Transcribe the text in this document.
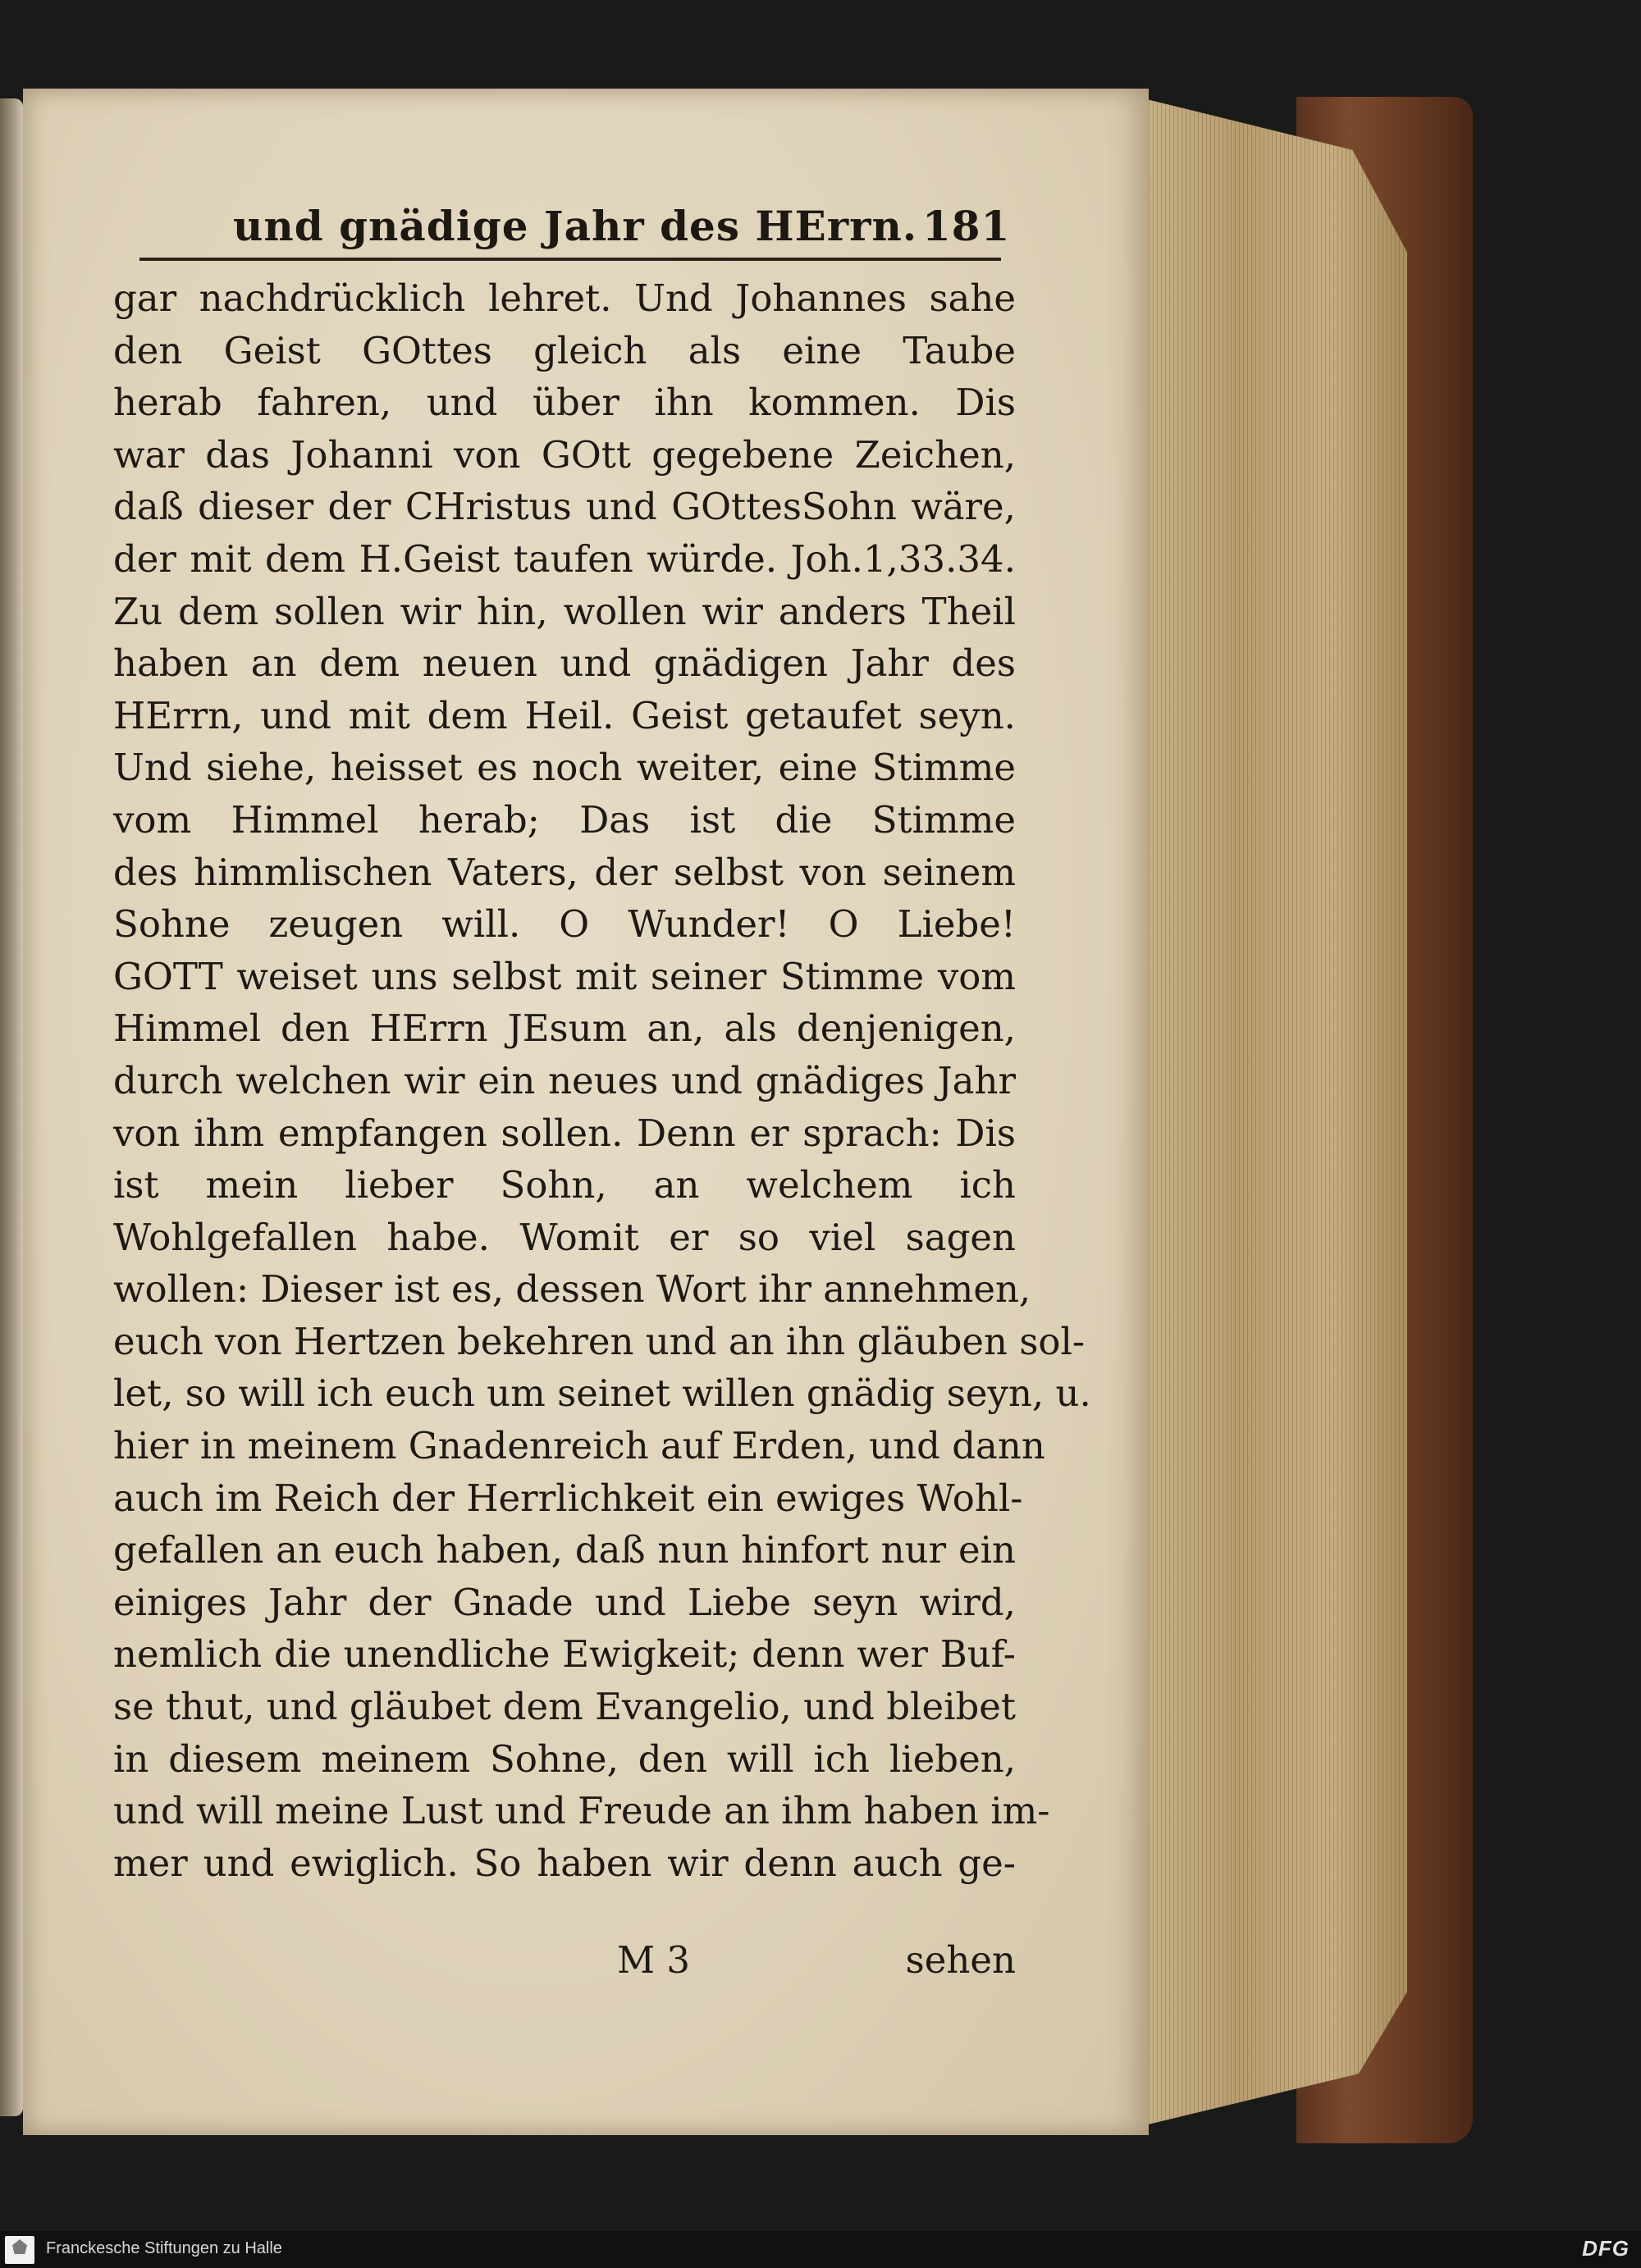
und gnädige Jahr des HErrn. 181
gar nachdrücklich lehret. Und Johannes sahe
den Geist GOttes gleich als eine Taube
herab fahren, und über ihn kommen. Dis
war das Johanni von GOtt gegebene Zeichen,
daß dieser der CHristus und GOttesSohn wäre,
der mit dem H.Geist taufen würde. Joh.1,33.34.
Zu dem sollen wir hin, wollen wir anders Theil
haben an dem neuen und gnädigen Jahr des
HErrn, und mit dem Heil. Geist getaufet seyn.
Und siehe, heisset es noch weiter, eine Stimme
vom Himmel herab; Das ist die Stimme
des himmlischen Vaters, der selbst von seinem
Sohne zeugen will. O Wunder! O Liebe!
GOTT weiset uns selbst mit seiner Stimme vom
Himmel den HErrn JEsum an, als denjenigen,
durch welchen wir ein neues und gnädiges Jahr
von ihm empfangen sollen. Denn er sprach: Dis
ist mein lieber Sohn, an welchem ich
Wohlgefallen habe. Womit er so viel sagen
wollen: Dieser ist es, dessen Wort ihr annehmen,
euch von Hertzen bekehren und an ihn gläuben sol-
let, so will ich euch um seinet willen gnädig seyn, u.
hier in meinem Gnadenreich auf Erden, und dann
auch im Reich der Herrlichkeit ein ewiges Wohl-
gefallen an euch haben, daß nun hinfort nur ein
einiges Jahr der Gnade und Liebe seyn wird,
nemlich die unendliche Ewigkeit; denn wer Buf-
se thut, und gläubet dem Evangelio, und bleibet
in diesem meinem Sohne, den will ich lieben,
und will meine Lust und Freude an ihm haben im-
mer und ewiglich. So haben wir denn auch ge-
M 3	sehen
Franckesche Stiftungen zu Halle	DFG
